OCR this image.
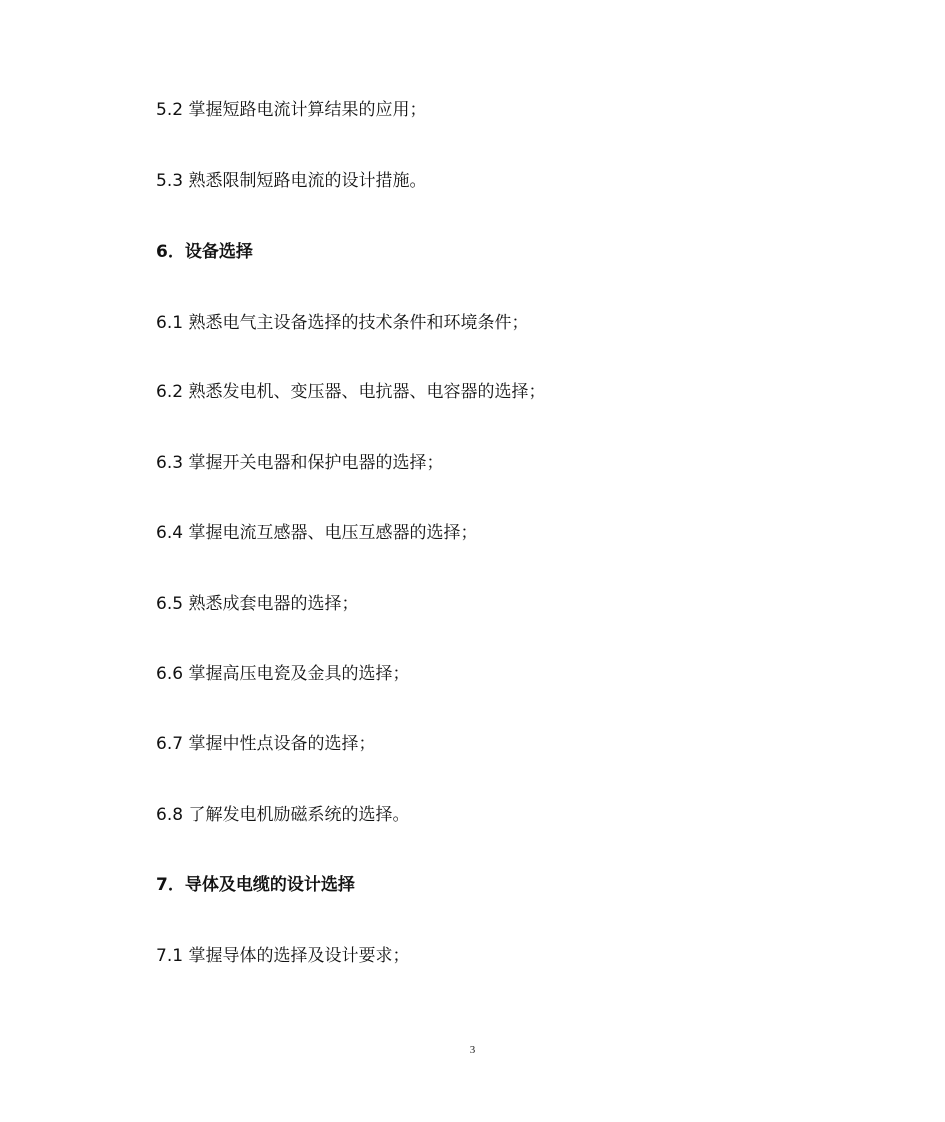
5.2 掌握短路电流计算结果的应用；
5.3 熟悉限制短路电流的设计措施。
6．设备选择
6.1 熟悉电气主设备选择的技术条件和环境条件；
6.2 熟悉发电机、变压器、电抗器、电容器的选择；
6.3 掌握开关电器和保护电器的选择；
6.4 掌握电流互感器、电压互感器的选择；
6.5 熟悉成套电器的选择；
6.6 掌握高压电瓷及金具的选择；
6.7 掌握中性点设备的选择；
6.8 了解发电机励磁系统的选择。
7．导体及电缆的设计选择
7.1 掌握导体的选择及设计要求；
3
